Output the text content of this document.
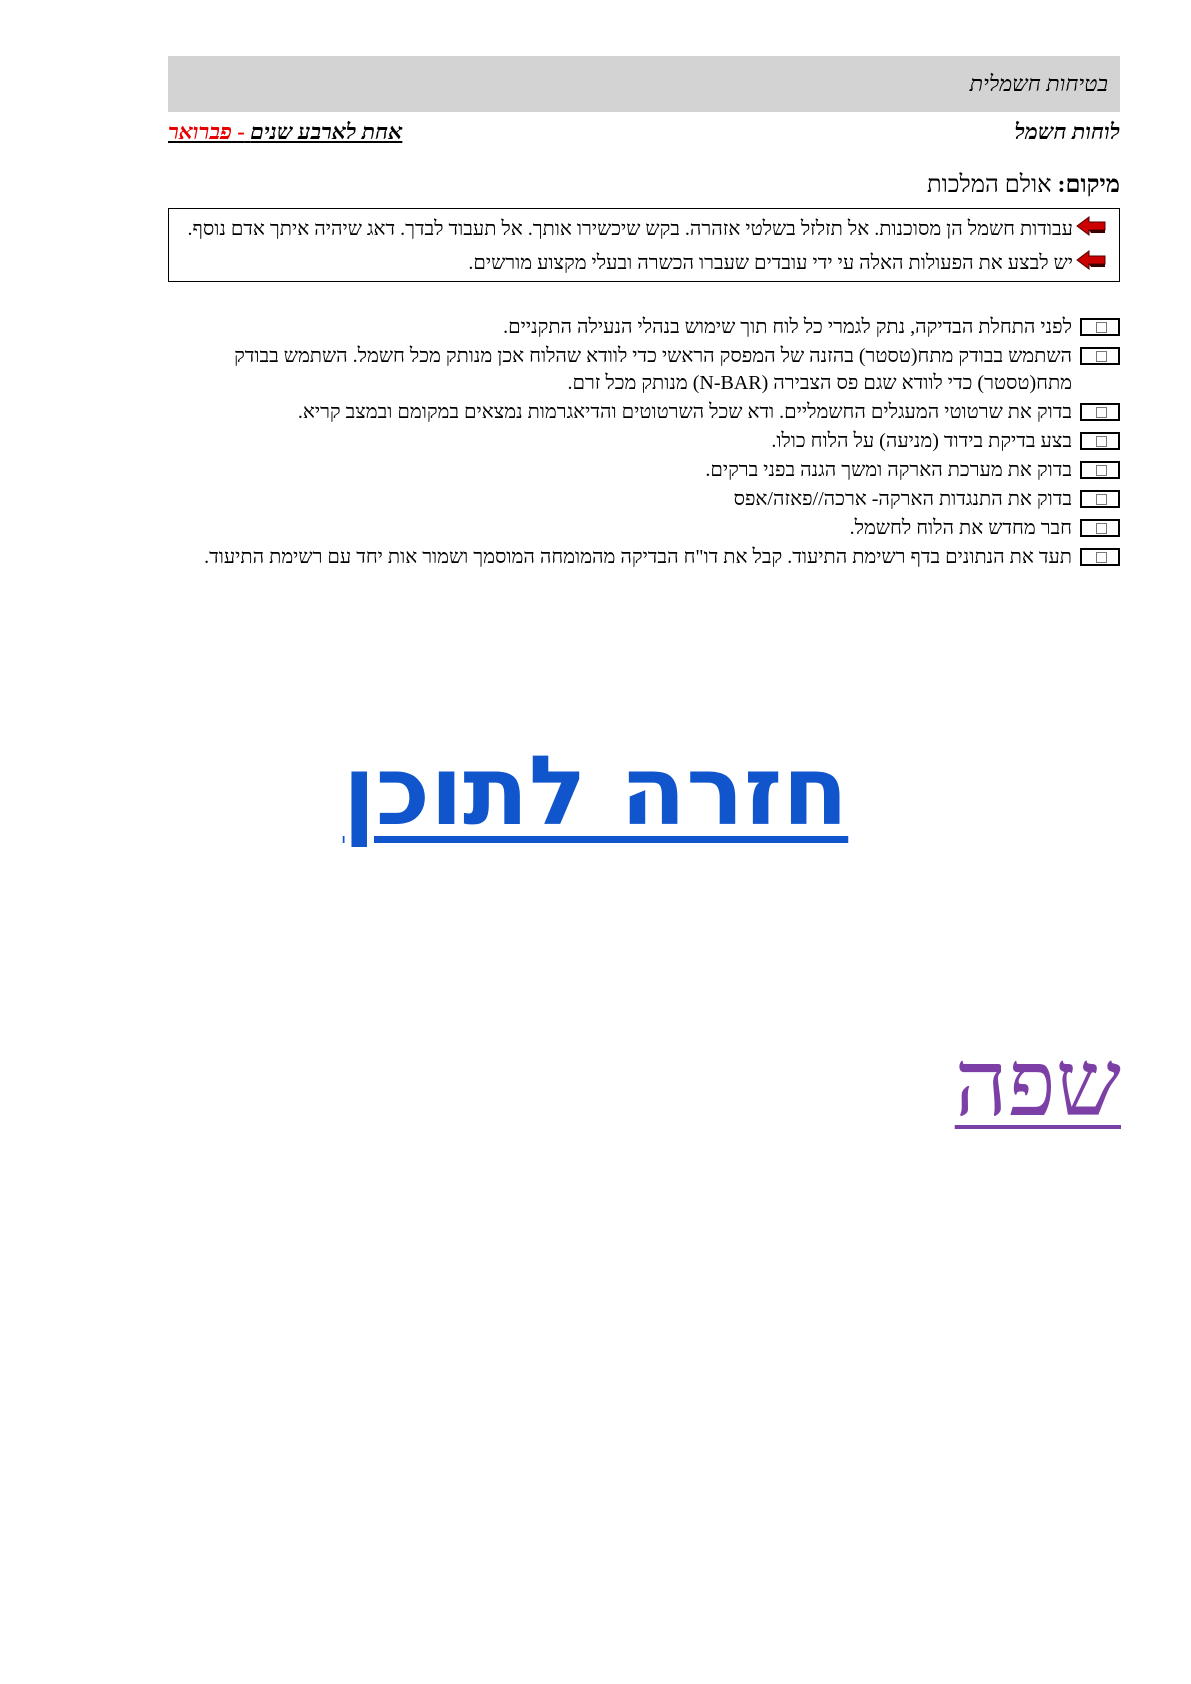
בטיחות חשמלית
לוחות חשמל
אחת לארבע שנים - פברואר
מיקום: אולם המלכות
עבודות חשמל הן מסוכנות. אל תזלזל בשלטי אזהרה. בקש שיכשירו אותך. אל תעבוד לבדך. דאג שיהיה איתך אדם נוסף.
יש לבצע את הפעולות האלה עי ידי עובדים שעברו הכשרה ובעלי מקצוע מורשים.
לפני התחלת הבדיקה, נתק לגמרי כל לוח תוך שימוש בנהלי הנעילה התקניים.
השתמש בבודק מתח(טסטר) בהזנה של המפסק הראשי כדי לוודא שהלוח אכן מנותק מכל חשמל. השתמש בבודק מתח(טסטר) כדי לוודא שגם פס הצבירה (N-BAR) מנותק מכל זרם.
בדוק את שרטוטי המעגלים החשמליים. ודא שכל השרטוטים והדיאגרמות נמצאים במקומם ובמצב קריא.
בצע בדיקת בידוד (מניעה) על הלוח כולו.
בדוק את מערכת הארקה ומשך הגנה בפני ברקים.
בדוק את התנגדות הארקה- ארכה//פאזה/אפס
חבר מחדש את הלוח לחשמל.
תעד את הנתונים בדף רשימת התיעוד. קבל את דו"ח הבדיקה מהמומחה המוסמך ושמור אות יחד עם רשימת התיעוד.
חזרה לתוכן
שפה
